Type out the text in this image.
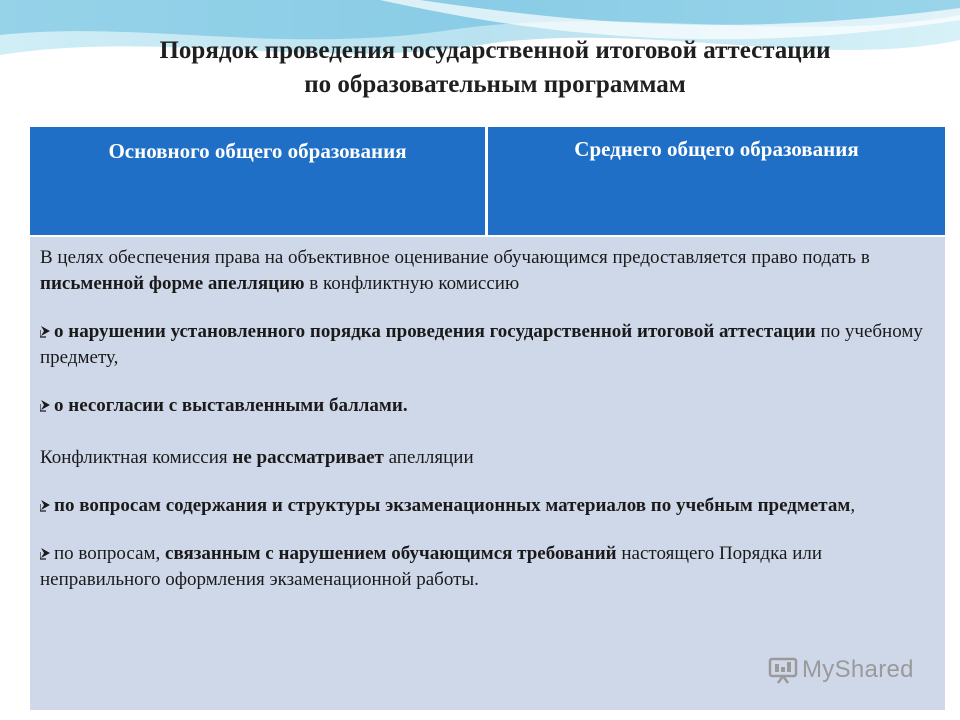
Порядок проведения государственной итоговой аттестации
по образовательным программам
Основного общего образования	Среднего общего образования

В целях обеспечения права на объективное оценивание обучающимся предоставляется право подать в письменной форме апелляцию в конфликтную комиссию

о нарушении установленного порядка проведения государственной итоговой аттестации по учебному предмету,

о несогласии с выставленными баллами.

Конфликтная комиссия не рассматривает апелляции

по вопросам содержания и структуры экзаменационных материалов по учебным предметам,

по вопросам, связанным с нарушением обучающимся требований настоящего Порядка или неправильного оформления экзаменационной работы.

MyShared
